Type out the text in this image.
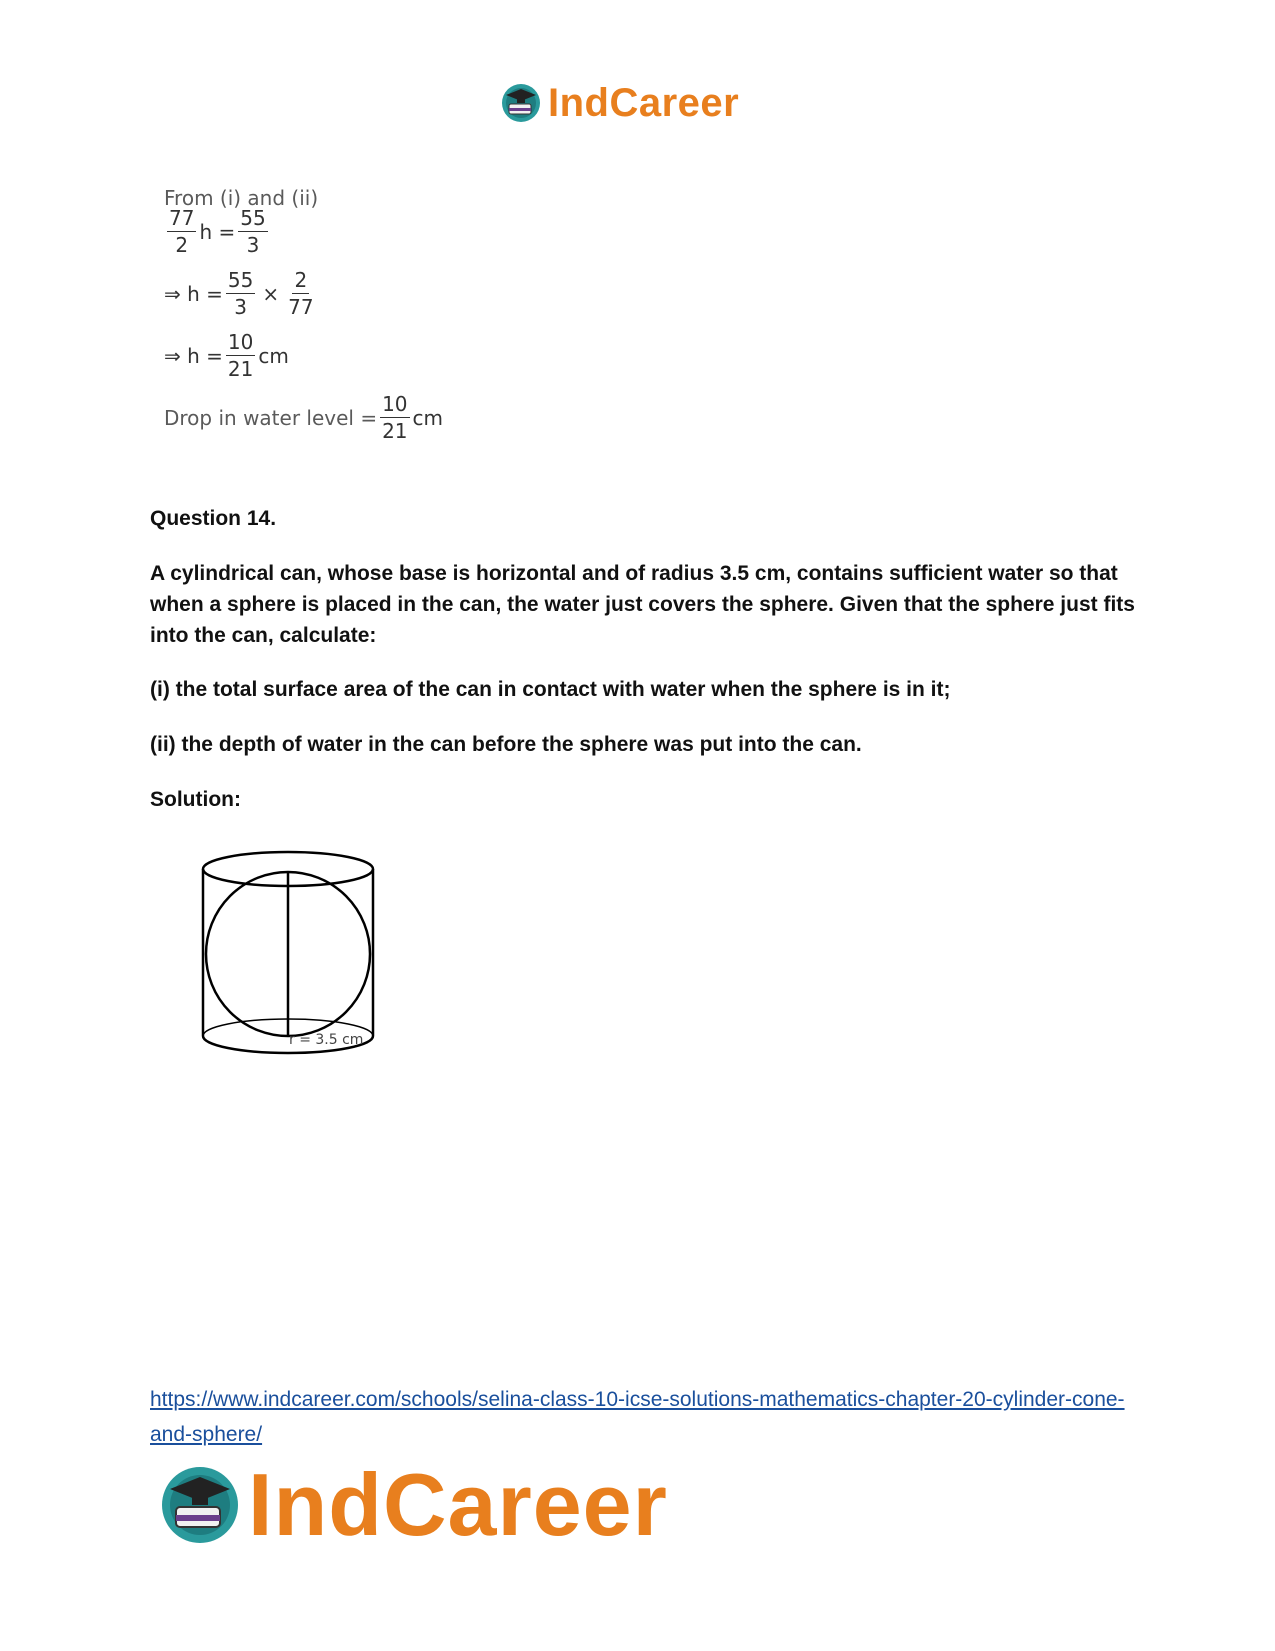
IndCareer
From (i) and (ii)
$\frac{77}{2}$ $h = \frac{55}{3}$
⇒ $h = \frac{55}{3} \times \frac{2}{77}$
⇒ $h = \frac{10}{21}$ cm
Drop in water level = $\frac{10}{21}$ cm
Question 14.
A cylindrical can, whose base is horizontal and of radius 3.5 cm, contains sufficient water so that when a sphere is placed in the can, the water just covers the sphere. Given that the sphere just fits into the can, calculate:
(i) the total surface area of the can in contact with water when the sphere is in it;
(ii) the depth of water in the can before the sphere was put into the can.
Solution:
r = 3.5 cm
https://www.indcareer.com/schools/selina-class-10-icse-solutions-mathematics-chapter-20-cylinder-cone-and-sphere/
IndCareer
